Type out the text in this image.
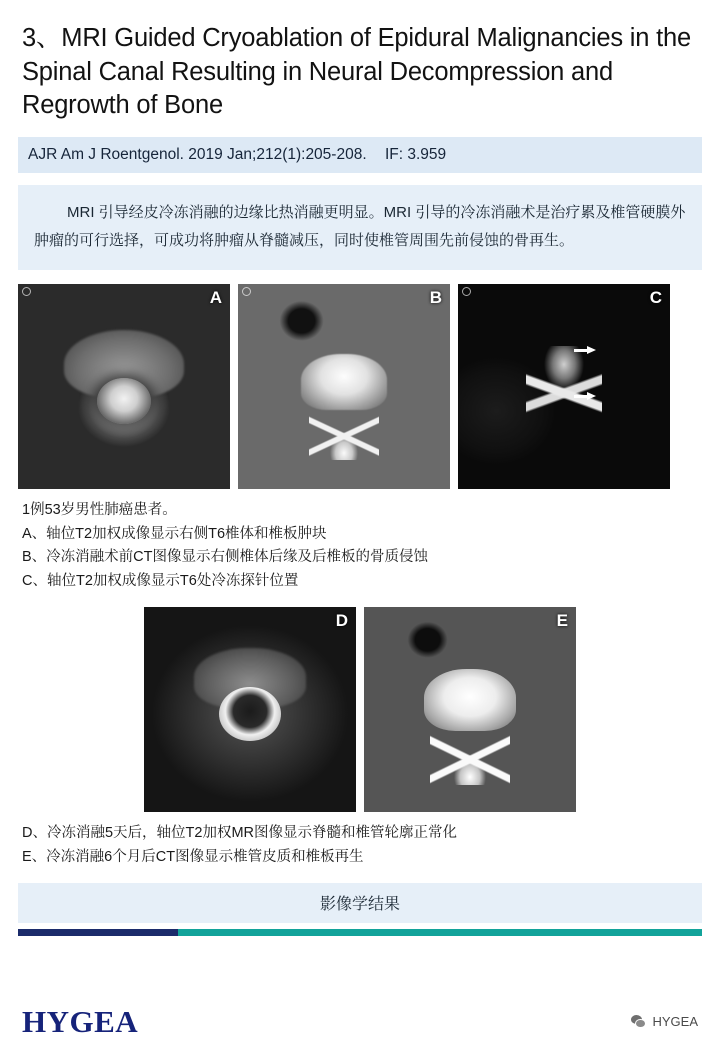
3、MRI Guided Cryoablation of Epidural Malignancies in the Spinal Canal Resulting in Neural Decompression and Regrowth of Bone
AJR Am J Roentgenol. 2019 Jan;212(1):205-208. IF: 3.959

MRI 引导经皮冷冻消融的边缘比热消融更明显。MRI 引导的冷冻消融术是治疗累及椎管硬膜外肿瘤的可行选择，可成功将肿瘤从脊髓减压，同时使椎管周围先前侵蚀的骨再生。

A	B	C
1例53岁男性肺癌患者。
A、轴位T2加权成像显示右侧T6椎体和椎板肿块
B、冷冻消融术前CT图像显示右侧椎体后缘及后椎板的骨质侵蚀
C、轴位T2加权成像显示T6处冷冻探针位置
D	E
D、冷冻消融5天后，轴位T2加权MR图像显示脊髓和椎管轮廓正常化
E、冷冻消融6个月后CT图像显示椎管皮质和椎板再生
影像学结果
HYGEA	HYGEA
